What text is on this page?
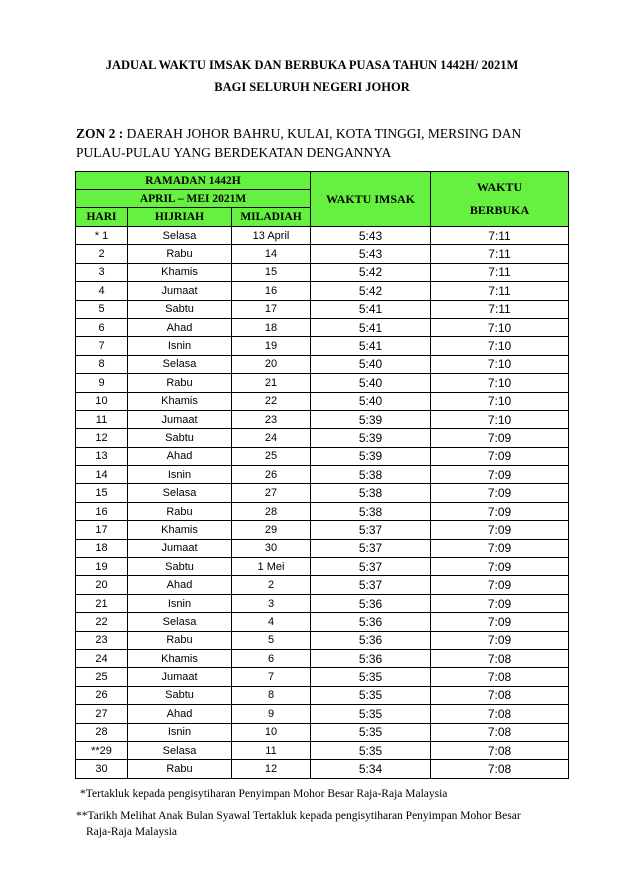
JADUAL WAKTU IMSAK DAN BERBUKA PUASA TAHUN 1442H/ 2021M
BAGI SELURUH NEGERI JOHOR
ZON 2 : DAERAH JOHOR BAHRU, KULAI, KOTA TINGGI, MERSING DAN PULAU-PULAU YANG BERDEKATAN DENGANNYA
RAMADAN 1442H			WAKTU IMSAK	WAKTU
BERBUKA

APRIL – MEI 2021M				
HARI	HIJRIAH	MILADIAH		
* 1	Selasa	13 April	5:43	7:11
2	Rabu	14	5:43	7:11
3	Khamis	15	5:42	7:11
4	Jumaat	16	5:42	7:11
5	Sabtu	17	5:41	7:11
6	Ahad	18	5:41	7:10
7	Isnin	19	5:41	7:10
8	Selasa	20	5:40	7:10
9	Rabu	21	5:40	7:10
10	Khamis	22	5:40	7:10
11	Jumaat	23	5:39	7:10
12	Sabtu	24	5:39	7:09
13	Ahad	25	5:39	7:09
14	Isnin	26	5:38	7:09
15	Selasa	27	5:38	7:09
16	Rabu	28	5:38	7:09
17	Khamis	29	5:37	7:09
18	Jumaat	30	5:37	7:09
19	Sabtu	1 Mei	5:37	7:09
20	Ahad	2	5:37	7:09
21	Isnin	3	5:36	7:09
22	Selasa	4	5:36	7:09
23	Rabu	5	5:36	7:09
24	Khamis	6	5:36	7:08
25	Jumaat	7	5:35	7:08
26	Sabtu	8	5:35	7:08
27	Ahad	9	5:35	7:08
28	Isnin	10	5:35	7:08
**29	Selasa	11	5:35	7:08
30	Rabu	12	5:34	7:08
*Tertakluk kepada pengisytiharan Penyimpan Mohor Besar Raja-Raja Malaysia
**Tarikh Melihat Anak Bulan Syawal Tertakluk kepada pengisytiharan Penyimpan Mohor Besar
Raja-Raja Malaysia
